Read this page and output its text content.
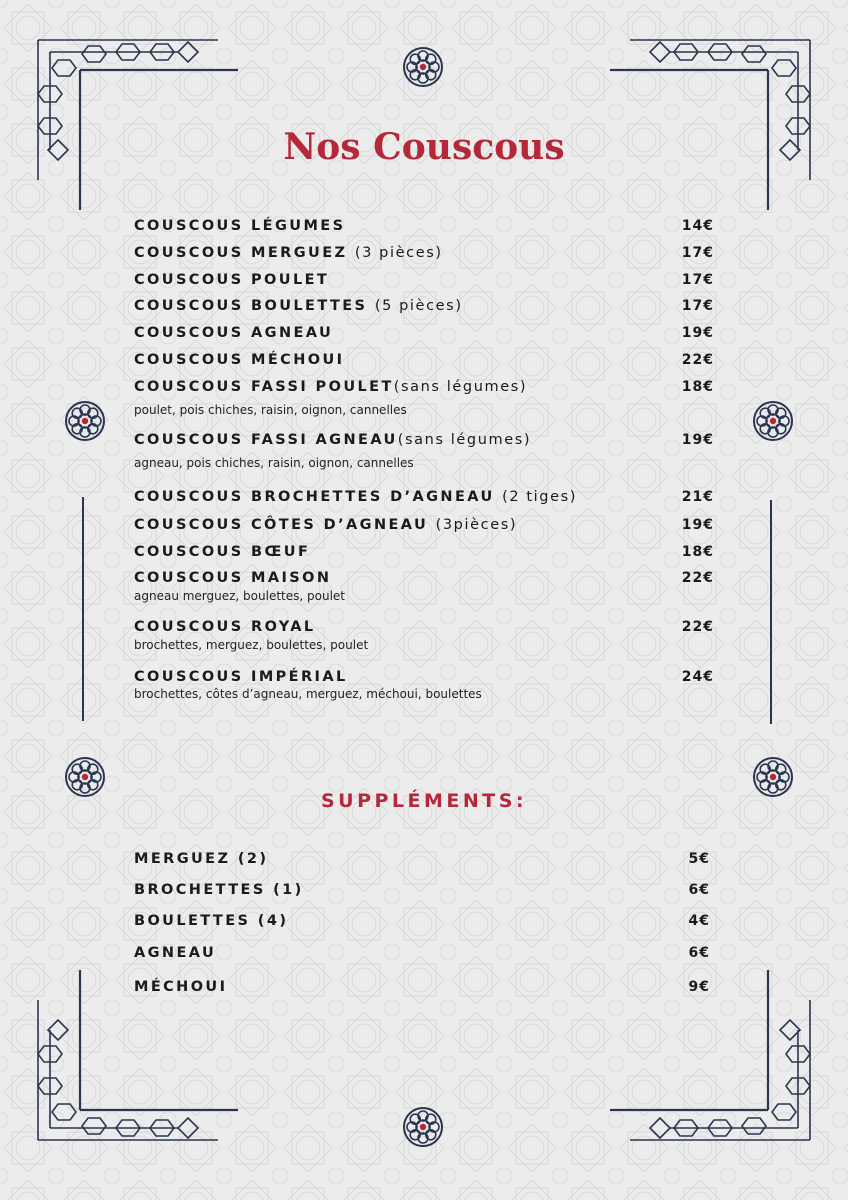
Nos Couscous
COUSCOUS LÉGUMES	14€
COUSCOUS MERGUEZ (3 pièces)	17€
COUSCOUS POULET	17€
COUSCOUS BOULETTES (5 pièces)	17€
COUSCOUS AGNEAU	19€
COUSCOUS MÉCHOUI	22€
COUSCOUS FASSI POULET(sans légumes)	18€
poulet, pois chiches, raisin, oignon, cannelles
COUSCOUS FASSI AGNEAU(sans légumes)	19€
agneau, pois chiches, raisin, oignon, cannelles
COUSCOUS BROCHETTES D’AGNEAU (2 tiges)	21€
COUSCOUS CÔTES D’AGNEAU (3pièces)	19€
COUSCOUS BŒUF	18€
COUSCOUS MAISON	22€
agneau merguez, boulettes, poulet
COUSCOUS ROYAL	22€
brochettes, merguez, boulettes, poulet
COUSCOUS IMPÉRIAL	24€
brochettes, côtes d’agneau, merguez, méchoui, boulettes
SUPPLÉMENTS:
MERGUEZ (2)	5€
BROCHETTES (1)	6€
BOULETTES (4)	4€
AGNEAU	6€
MÉCHOUI	9€
